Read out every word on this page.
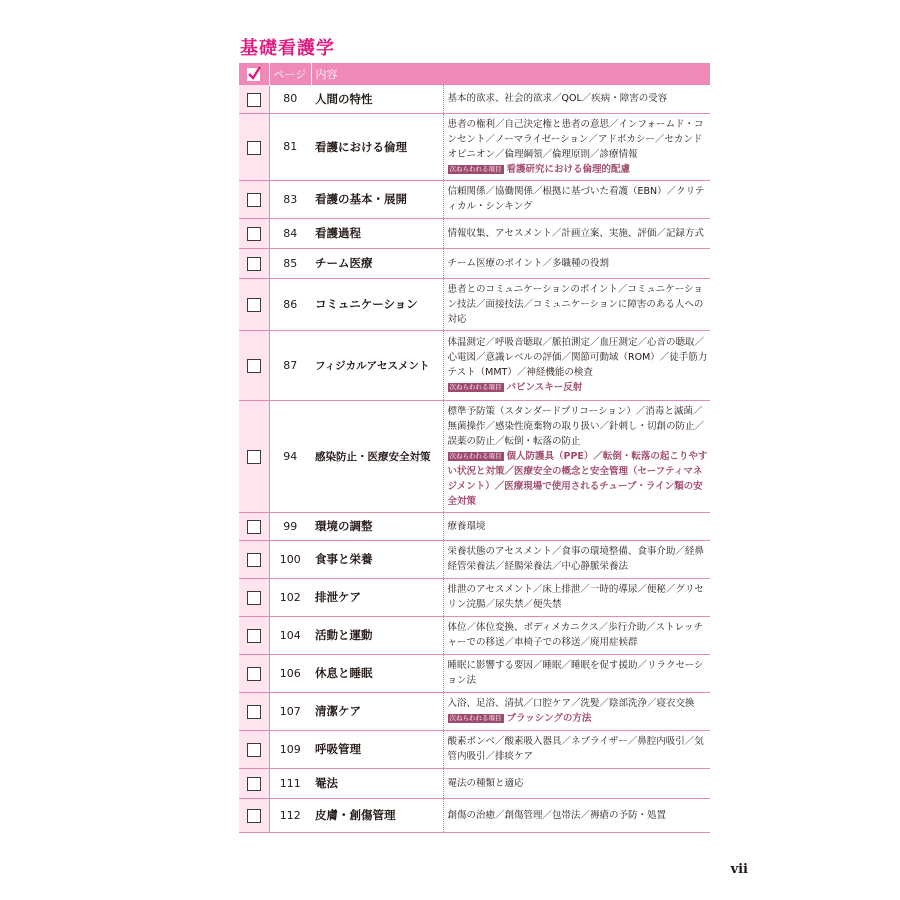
基礎看護学
	ページ	内容	
	80	人間の特性	基本的欲求、社会的欲求／QOL／疾病・障害の受容
	81	看護における倫理	患者の権利／自己決定権と患者の意思／インフォームド・コンセント／ノーマライゼーション／アドボカシー／セカンドオピニオン／倫理綱領／倫理原則／診療情報
次ねらわれる項目 看護研究における倫理的配慮
	83	看護の基本・展開	信頼関係／協働関係／根拠に基づいた看護（EBN）／クリティカル・シンキング
	84	看護過程	情報収集、アセスメント／計画立案、実施、評価／記録方式
	85	チーム医療	チーム医療のポイント／多職種の役割
	86	コミュニケーション	患者とのコミュニケーションのポイント／コミュニケーション技法／面接技法／コミュニケーションに障害のある人への対応
	87	フィジカルアセスメント	体温測定／呼吸音聴取／脈拍測定／血圧測定／心音の聴取／心電図／意識レベルの評価／関節可動域（ROM）／徒手筋力テスト（MMT）／神経機能の検査
次ねらわれる項目 バビンスキー反射
	94	感染防止・医療安全対策	標準予防策（スタンダードプリコーション）／消毒と滅菌／無菌操作／感染性廃棄物の取り扱い／針刺し・切創の防止／誤薬の防止／転倒・転落の防止
次ねらわれる項目 個人防護具（PPE）／転倒・転落の起こりやすい状況と対策／医療安全の概念と安全管理（セーフティマネジメント）／医療現場で使用されるチューブ・ライン類の安全対策
	99	環境の調整	療養環境
	100	食事と栄養	栄養状態のアセスメント／食事の環境整備、食事介助／経鼻経管栄養法／経腸栄養法／中心静脈栄養法
	102	排泄ケア	排泄のアセスメント／床上排泄／一時的導尿／便秘／グリセリン浣腸／尿失禁／便失禁
	104	活動と運動	体位／体位変換、ボディメカニクス／歩行介助／ストレッチャーでの移送／車椅子での移送／廃用症候群
	106	休息と睡眠	睡眠に影響する要因／睡眠／睡眠を促す援助／リラクセーション法
	107	清潔ケア	入浴、足浴、清拭／口腔ケア／洗髪／陰部洗浄／寝衣交換
次ねらわれる項目 ブラッシングの方法
	109	呼吸管理	酸素ボンベ／酸素吸入器具／ネブライザー／鼻腔内吸引／気管内吸引／排痰ケア
	111	罨法	罨法の種類と適応
	112	皮膚・創傷管理	創傷の治癒／創傷管理／包帯法／褥瘡の予防・処置
vii
